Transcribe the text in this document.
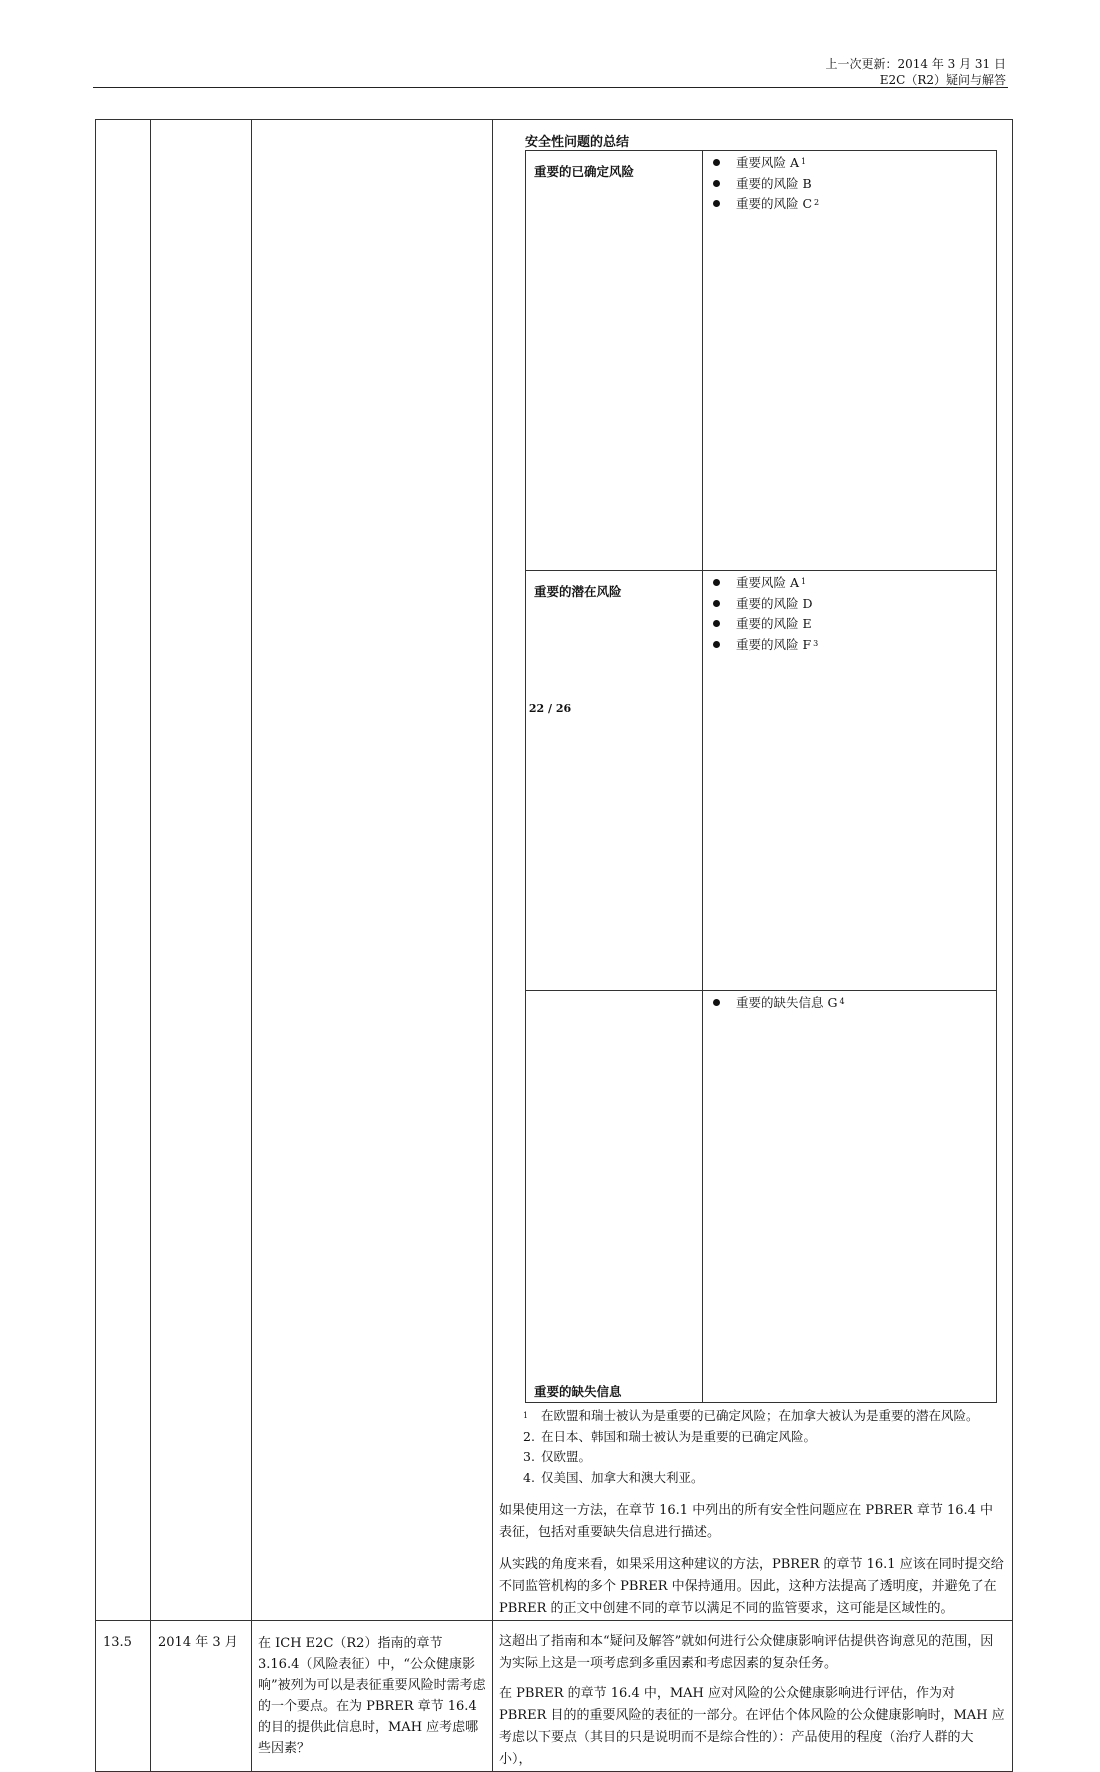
上一次更新：2014 年 3 月 31 日
E2C（R2）疑问与解答

安全性问题的总结
重要的已确定风险	
重要风险 A $^1$
重要的风险 B
重要的风险 C $^2$

重要的潜在风险	
重要风险 A $^1$
重要的风险 D
重要的风险 E
重要的风险 F $^3$

重要的缺失信息	
重要的缺失信息 G $^4$
1 在欧盟和瑞士被认为是重要的已确定风险；在加拿大被认为是重要的潜在风险。
2. 在日本、韩国和瑞士被认为是重要的已确定风险。
3. 仅欧盟。
4. 仅美国、加拿大和澳大利亚。
如果使用这一方法，在章节 16.1 中列出的所有安全性问题应在 PBRER 章节 16.4 中表征，包括对重要缺失信息进行描述。
从实践的角度来看，如果采用这种建议的方法，PBRER 的章节 16.1 应该在同时提交给不同监管机构的多个 PBRER 中保持通用。因此，这种方法提高了透明度，并避免了在 PBRER 的正文中创建不同的章节以满足不同的监管要求，这可能是区域性的。

13.5	2014 年 3 月	在 ICH E2C（R2）指南的章节 3.16.4（风险表征）中，“公众健康影响”被列为可以是表征重要风险时需考虑的一个要点。在为 PBRER 章节 16.4 的目的提供此信息时，MAH 应考虑哪些因素？

这超出了指南和本“疑问及解答”就如何进行公众健康影响评估提供咨询意见的范围，因为实际上这是一项考虑到多重因素和考虑因素的复杂任务。
在 PBRER 的章节 16.4 中，MAH 应对风险的公众健康影响进行评估，作为对 PBRER 目的的重要风险的表征的一部分。在评估个体风险的公众健康影响时，MAH 应考虑以下要点（其目的只是说明而不是综合性的）：产品使用的程度（治疗人群的大小），
22 / 26
